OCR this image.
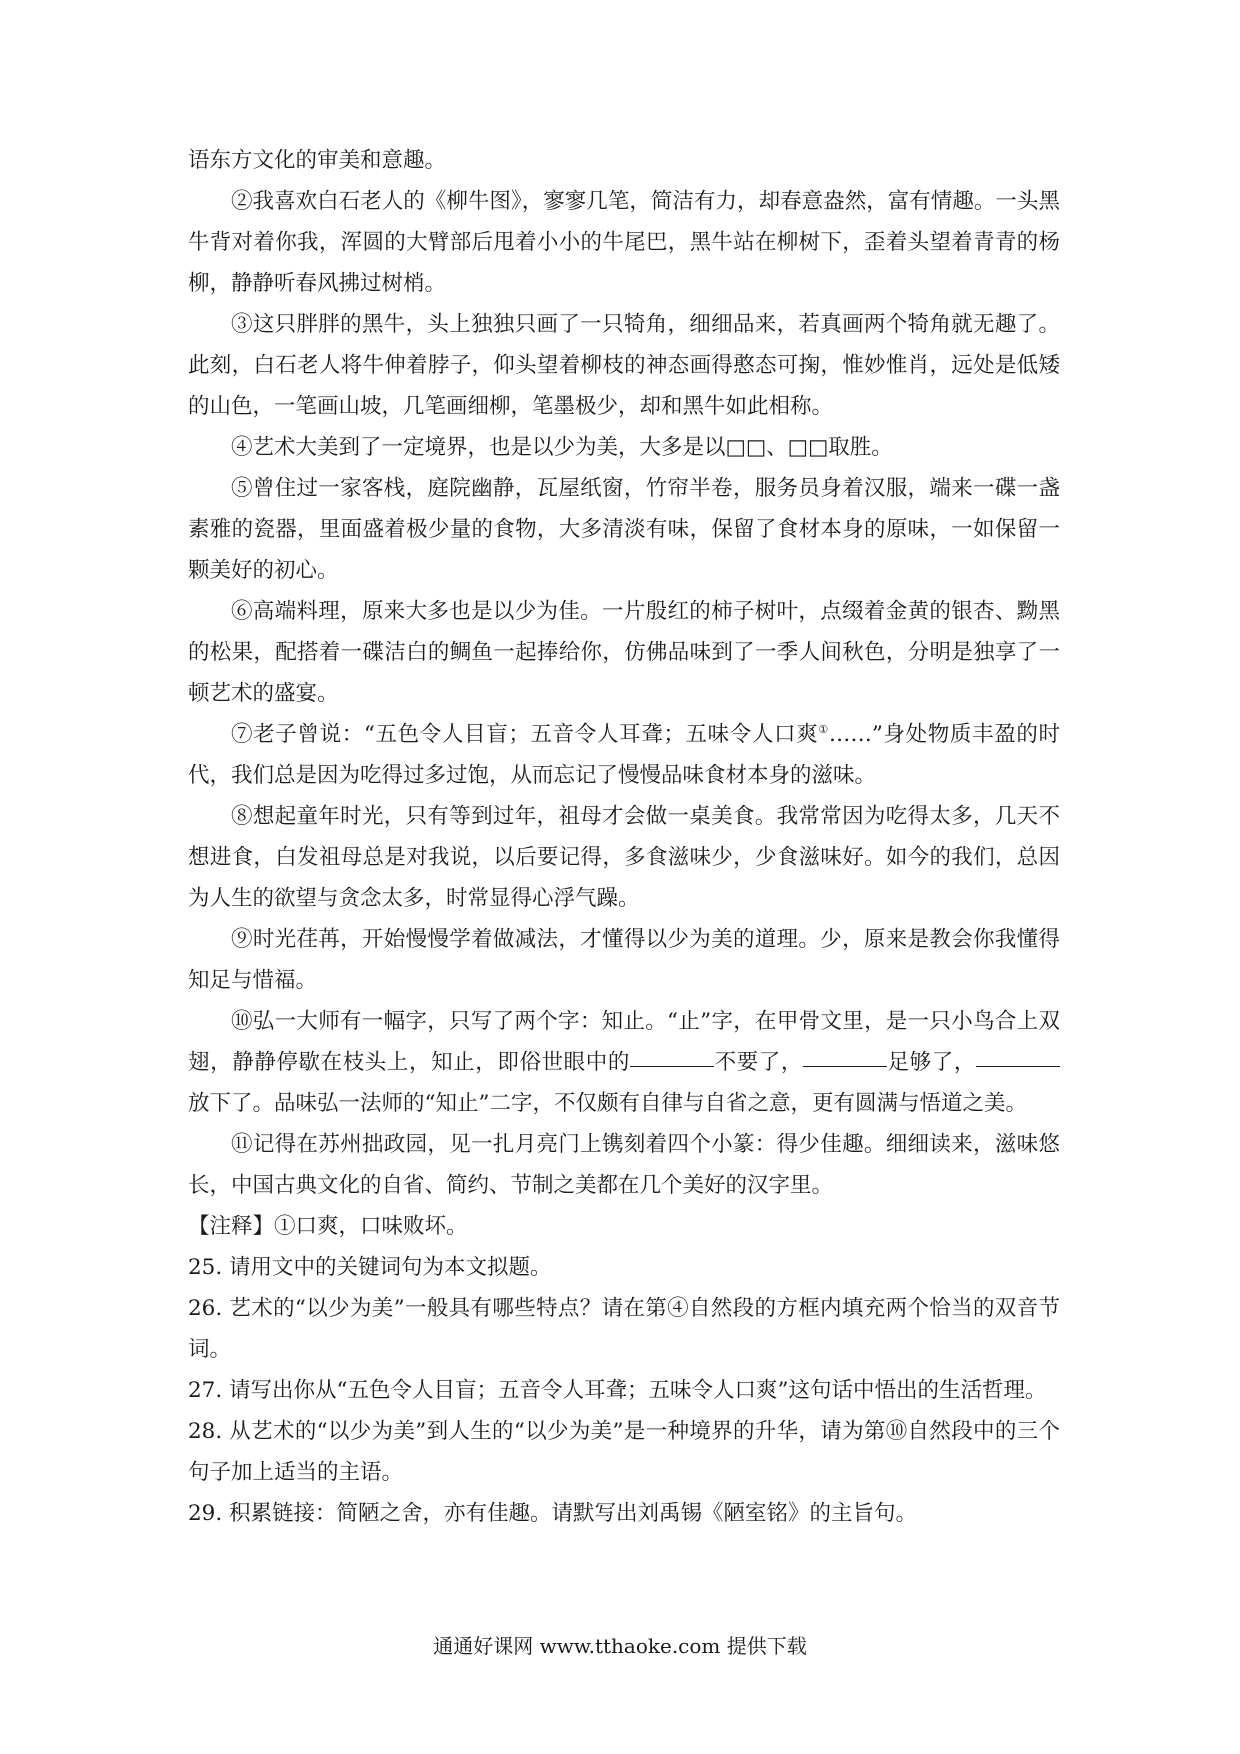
语东方文化的审美和意趣。

②我喜欢白石老人的《柳牛图》，寥寥几笔，简洁有力，却春意盎然，富有情趣。一头黑牛背对着你我，浑圆的大臂部后甩着小小的牛尾巴，黑牛站在柳树下，歪着头望着青青的杨柳，静静听春风拂过树梢。

③这只胖胖的黑牛，头上独独只画了一只犄角，细细品来，若真画两个犄角就无趣了。此刻，白石老人将牛伸着脖子，仰头望着柳枝的神态画得憨态可掬，惟妙惟肖，远处是低矮的山色，一笔画山坡，几笔画细柳，笔墨极少，却和黑牛如此相称。

④艺术大美到了一定境界，也是以少为美，大多是以□□、□□取胜。

⑤曾住过一家客栈，庭院幽静，瓦屋纸窗，竹帘半卷，服务员身着汉服，端来一碟一盏素雅的瓷器，里面盛着极少量的食物，大多清淡有味，保留了食材本身的原味，一如保留一颗美好的初心。

⑥高端料理，原来大多也是以少为佳。一片殷红的柿子树叶，点缀着金黄的银杏、黝黑的松果，配搭着一碟洁白的鲷鱼一起捧给你，仿佛品味到了一季人间秋色，分明是独享了一顿艺术的盛宴。

⑦老子曾说：“五色令人目盲；五音令人耳聋；五味令人口爽①……”身处物质丰盈的时代，我们总是因为吃得过多过饱，从而忘记了慢慢品味食材本身的滋味。

⑧想起童年时光，只有等到过年，祖母才会做一桌美食。我常常因为吃得太多，几天不想进食，白发祖母总是对我说，以后要记得，多食滋味少，少食滋味好。如今的我们，总因为人生的欲望与贪念太多，时常显得心浮气躁。

⑨时光荏苒，开始慢慢学着做减法，才懂得以少为美的道理。少，原来是教会你我懂得知足与惜福。

⑩弘一大师有一幅字，只写了两个字：知止。“止”字，在甲骨文里，是一只小鸟合上双翅，静静停歇在枝头上，知止，即俗世眼中的	不要了，	足够了，放下了。品味弘一法师的“知止”二字，不仅颇有自律与自省之意，更有圆满与悟道之美。

⑪记得在苏州拙政园，见一扎月亮门上镌刻着四个小篆：得少佳趣。细细读来，滋味悠长，中国古典文化的自省、简约、节制之美都在几个美好的汉字里。

【注释】①口爽，口味败坏。

25. 请用文中的关键词句为本文拟题。

26. 艺术的“以少为美”一般具有哪些特点？请在第④自然段的方框内填充两个恰当的双音节词。

27. 请写出你从“五色令人目盲；五音令人耳聋；五味令人口爽”这句话中悟出的生活哲理。

28. 从艺术的“以少为美”到人生的“以少为美”是一种境界的升华，请为第⑩自然段中的三个句子加上适当的主语。

29. 积累链接：简陋之舍，亦有佳趣。请默写出刘禹锡《陋室铭》的主旨句。

通通好课网 www.tthaoke.com 提供下载
